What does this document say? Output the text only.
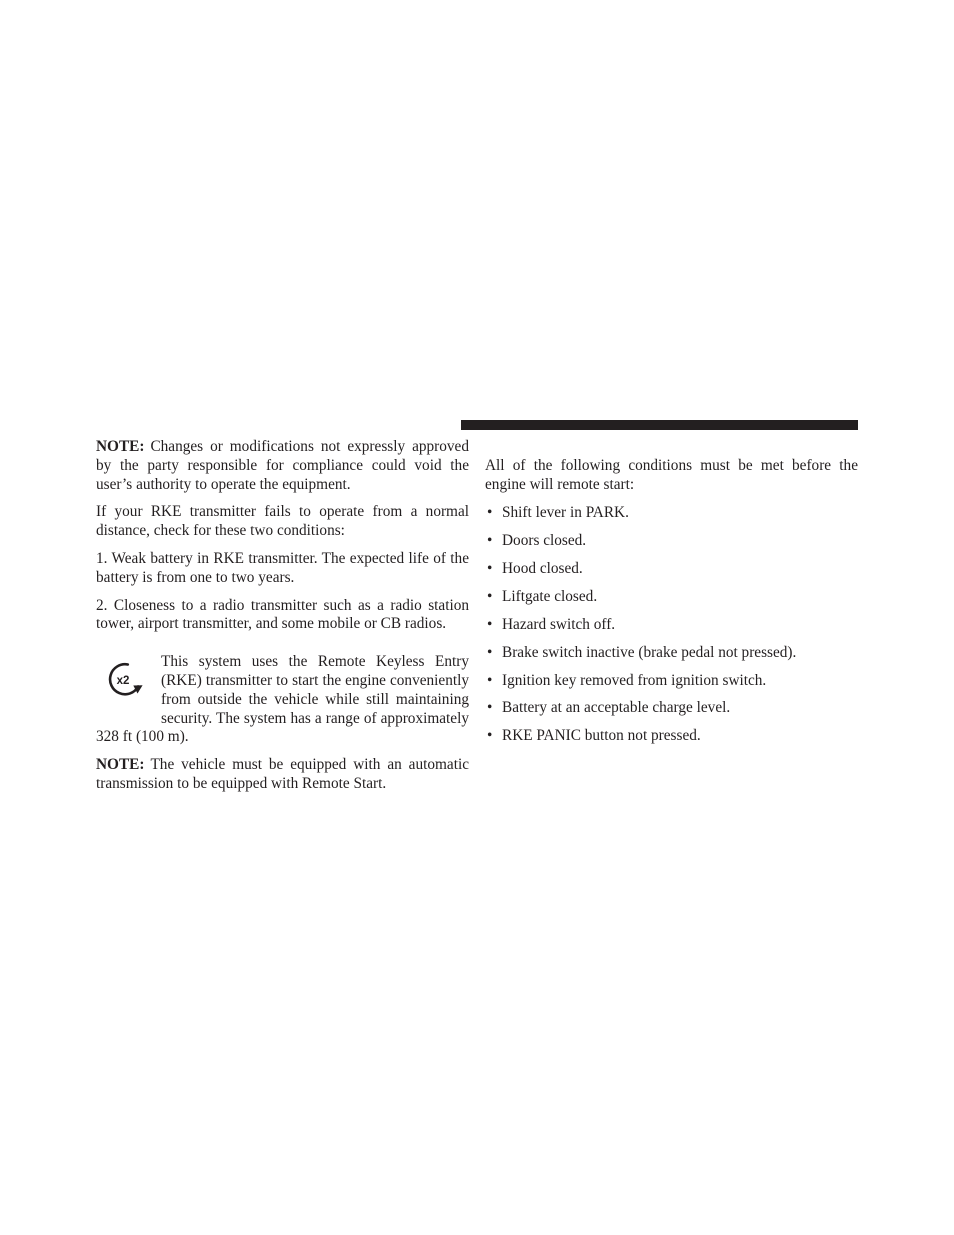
NOTE: Changes or modifications not expressly approved by the party responsible for compliance could void the user’s authority to operate the equipment.

If your RKE transmitter fails to operate from a normal distance, check for these two conditions:

1. Weak battery in RKE transmitter. The expected life of the battery is from one to two years.

2. Closeness to a radio transmitter such as a radio station tower, airport transmitter, and some mobile or CB radios.

x2

This system uses the Remote Keyless Entry (RKE) transmitter to start the engine conveniently from outside the vehicle while still maintaining security. The system has a range of approximately 328 ft (100 m).

NOTE: The vehicle must be equipped with an automatic transmission to be equipped with Remote Start.

All of the following conditions must be met before the engine will remote start:

• Shift lever in PARK.
• Doors closed.
• Hood closed.
• Liftgate closed.
• Hazard switch off.
• Brake switch inactive (brake pedal not pressed).
• Ignition key removed from ignition switch.
• Battery at an acceptable charge level.
• RKE PANIC button not pressed.
